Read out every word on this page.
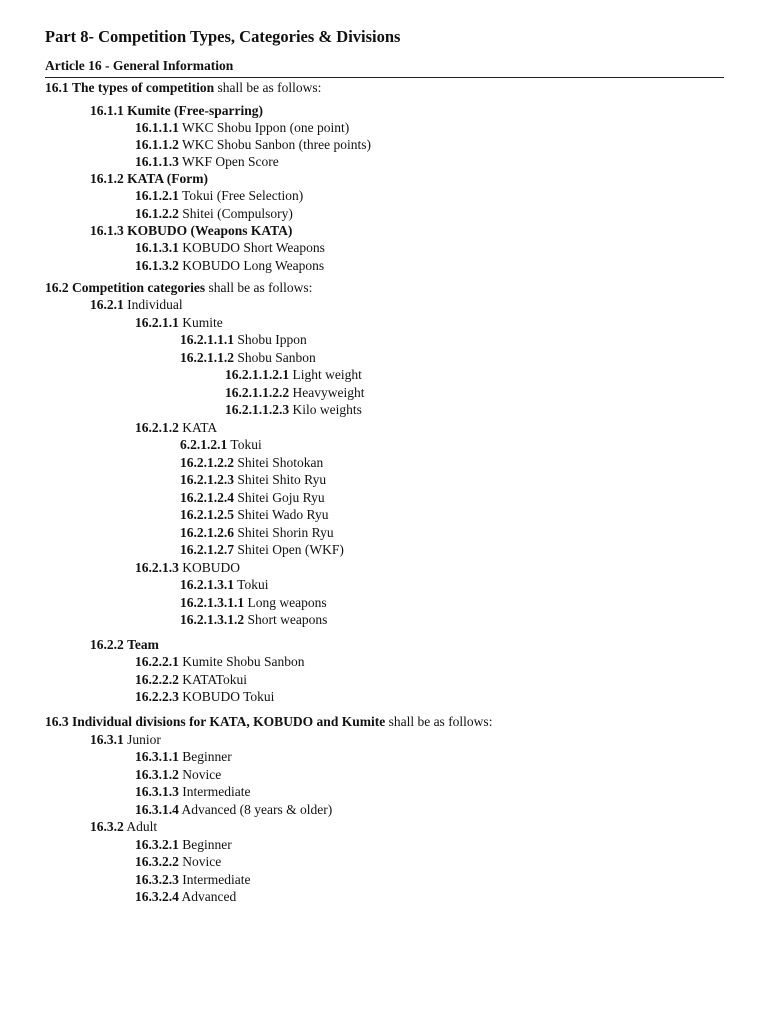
Part 8- Competition Types, Categories & Divisions
Article 16 - General Information
16.1 The types of competition shall be as follows:
16.1.1 Kumite (Free-sparring)
16.1.1.1 WKC Shobu Ippon (one point)
16.1.1.2 WKC Shobu Sanbon (three points)
16.1.1.3 WKF Open Score
16.1.2 KATA (Form)
16.1.2.1 Tokui (Free Selection)
16.1.2.2 Shitei (Compulsory)
16.1.3 KOBUDO (Weapons KATA)
16.1.3.1 KOBUDO Short Weapons
16.1.3.2 KOBUDO Long Weapons
16.2 Competition categories shall be as follows:
16.2.1 Individual
16.2.1.1 Kumite
16.2.1.1.1 Shobu Ippon
16.2.1.1.2 Shobu Sanbon
16.2.1.1.2.1 Light weight
16.2.1.1.2.2 Heavyweight
16.2.1.1.2.3 Kilo weights
16.2.1.2 KATA
6.2.1.2.1 Tokui
16.2.1.2.2 Shitei Shotokan
16.2.1.2.3 Shitei Shito Ryu
16.2.1.2.4 Shitei Goju Ryu
16.2.1.2.5 Shitei Wado Ryu
16.2.1.2.6 Shitei Shorin Ryu
16.2.1.2.7 Shitei Open (WKF)
16.2.1.3 KOBUDO
16.2.1.3.1 Tokui
16.2.1.3.1.1 Long weapons
16.2.1.3.1.2 Short weapons
16.2.2 Team
16.2.2.1 Kumite Shobu Sanbon
16.2.2.2 KATATokui
16.2.2.3 KOBUDO Tokui
16.3 Individual divisions for KATA, KOBUDO and Kumite shall be as follows:
16.3.1 Junior
16.3.1.1 Beginner
16.3.1.2 Novice
16.3.1.3 Intermediate
16.3.1.4 Advanced (8 years & older)
16.3.2 Adult
16.3.2.1 Beginner
16.3.2.2 Novice
16.3.2.3 Intermediate
16.3.2.4 Advanced
